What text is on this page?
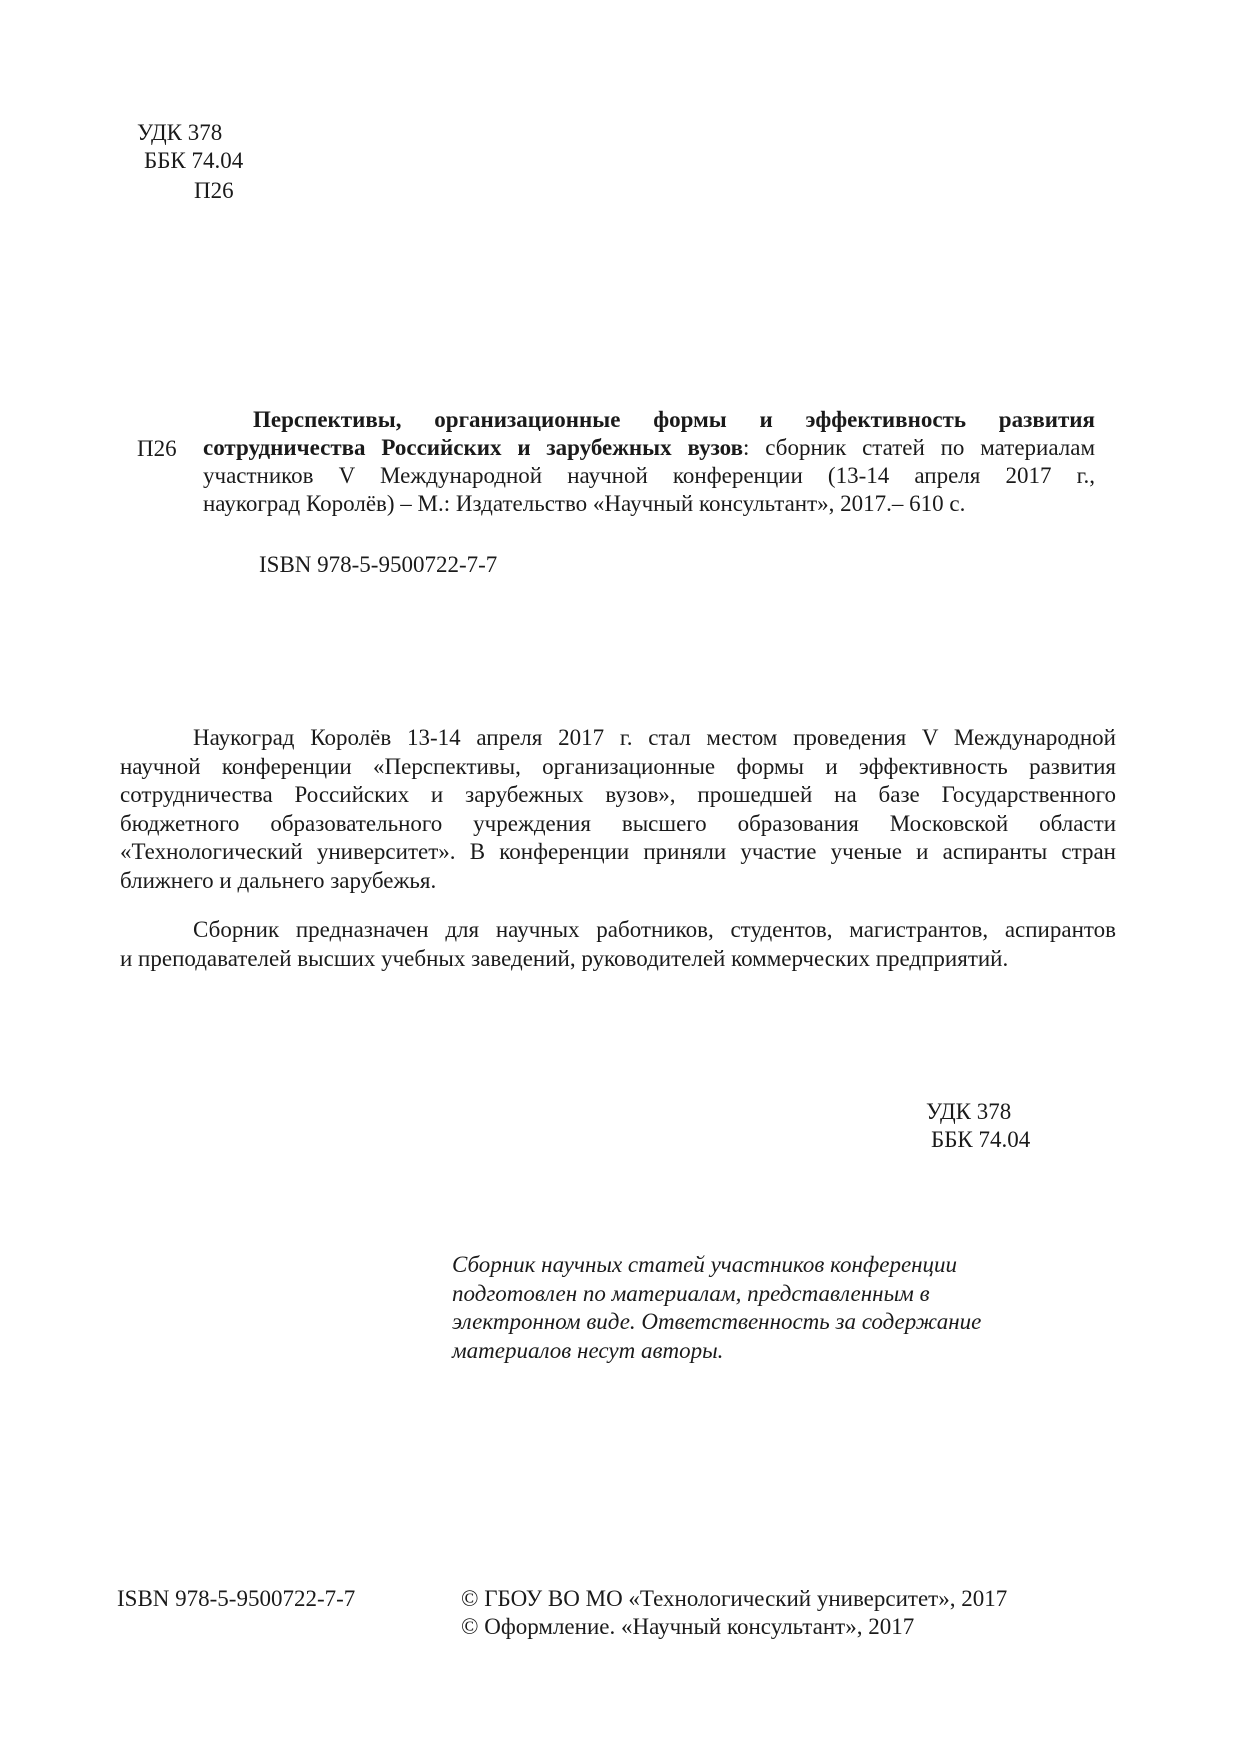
УДК 378
ББК 74.04
П26
П26
Перспективы, организационные формы и эффективность развития
сотрудничества Российских и зарубежных вузов: сборник статей по материалам
участников V Международной научной конференции (13-14 апреля 2017 г.,
наукоград Королёв) – М.: Издательство «Научный консультант», 2017.– 610 с.
ISBN 978-5-9500722-7-7
Наукоград Королёв 13-14 апреля 2017 г. стал местом проведения V Международной
научной конференции «Перспективы, организационные формы и эффективность развития
сотрудничества Российских и зарубежных вузов», прошедшей на базе Государственного
бюджетного образовательного учреждения высшего образования Московской области
«Технологический университет». В конференции приняли участие ученые и аспиранты стран
ближнего и дальнего зарубежья.
Сборник предназначен для научных работников, студентов, магистрантов, аспирантов
и преподавателей высших учебных заведений, руководителей коммерческих предприятий.
УДК 378
ББК 74.04
Сборник научных статей участников конференции
подготовлен по материалам, представленным в
электронном виде. Ответственность за содержание
материалов несут авторы.
ISBN 978-5-9500722-7-7	© ГБОУ ВО МО «Технологический университет», 2017
© Оформление. «Научный консультант», 2017
